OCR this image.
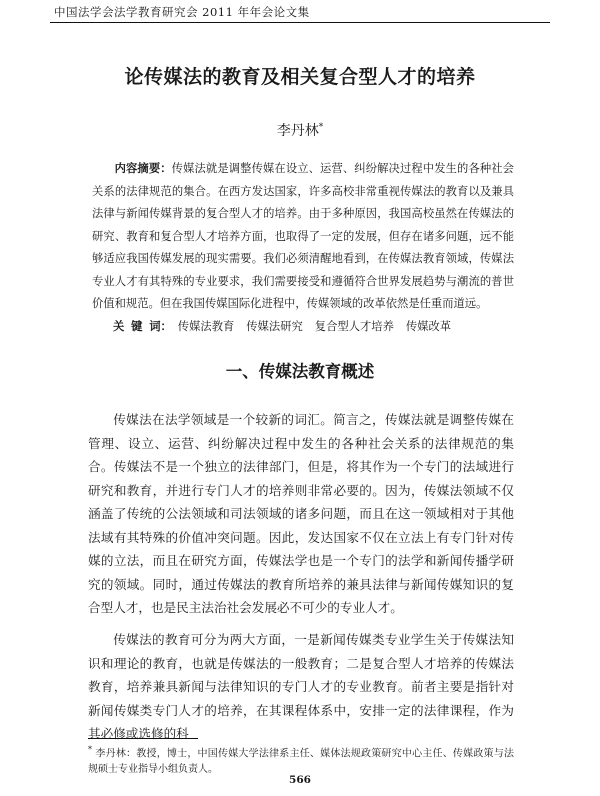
中国法学会法学教育研究会 2011 年年会论文集
论传媒法的教育及相关复合型人才的培养
李丹林*

内容摘要：传媒法就是调整传媒在设立、运营、纠纷解决过程中发生的各种社会关系的法律规范的集合。在西方发达国家，许多高校非常重视传媒法的教育以及兼具法律与新闻传媒背景的复合型人才的培养。由于多种原因，我国高校虽然在传媒法的研究、教育和复合型人才培养方面，也取得了一定的发展，但存在诸多问题，远不能够适应我国传媒发展的现实需要。我们必须清醒地看到，在传媒法教育领域，传媒法专业人才有其特殊的专业要求，我们需要接受和遵循符合世界发展趋势与潮流的普世价值和规范。但在我国传媒国际化进程中，传媒领域的改革依然是任重而道远。

关 键 词： 传媒法教育 传媒法研究 复合型人才培养 传媒改革

一、传媒法教育概述

传媒法在法学领域是一个较新的词汇。简言之，传媒法就是调整传媒在管理、设立、运营、纠纷解决过程中发生的各种社会关系的法律规范的集合。传媒法不是一个独立的法律部门，但是，将其作为一个专门的法域进行研究和教育，并进行专门人才的培养则非常必要的。因为，传媒法领域不仅涵盖了传统的公法领域和司法领域的诸多问题，而且在这一领域相对于其他法域有其特殊的价值冲突问题。因此，发达国家不仅在立法上有专门针对传媒的立法，而且在研究方面，传媒法学也是一个专门的法学和新闻传播学研究的领域。同时，通过传媒法的教育所培养的兼具法律与新闻传媒知识的复合型人才，也是民主法治社会发展必不可少的专业人才。

传媒法的教育可分为两大方面，一是新闻传媒类专业学生关于传媒法知识和理论的教育，也就是传媒法的一般教育；二是复合型人才培养的传媒法教育，培养兼具新闻与法律知识的专门人才的专业教育。前者主要是指针对新闻传媒类专门人才的培养，在其课程体系中，安排一定的法律课程，作为其必修或选修的科

* 李丹林：教授，博士，中国传媒大学法律系主任、媒体法规政策研究中心主任、传媒政策与法规硕士专业指导小组负责人。

566
